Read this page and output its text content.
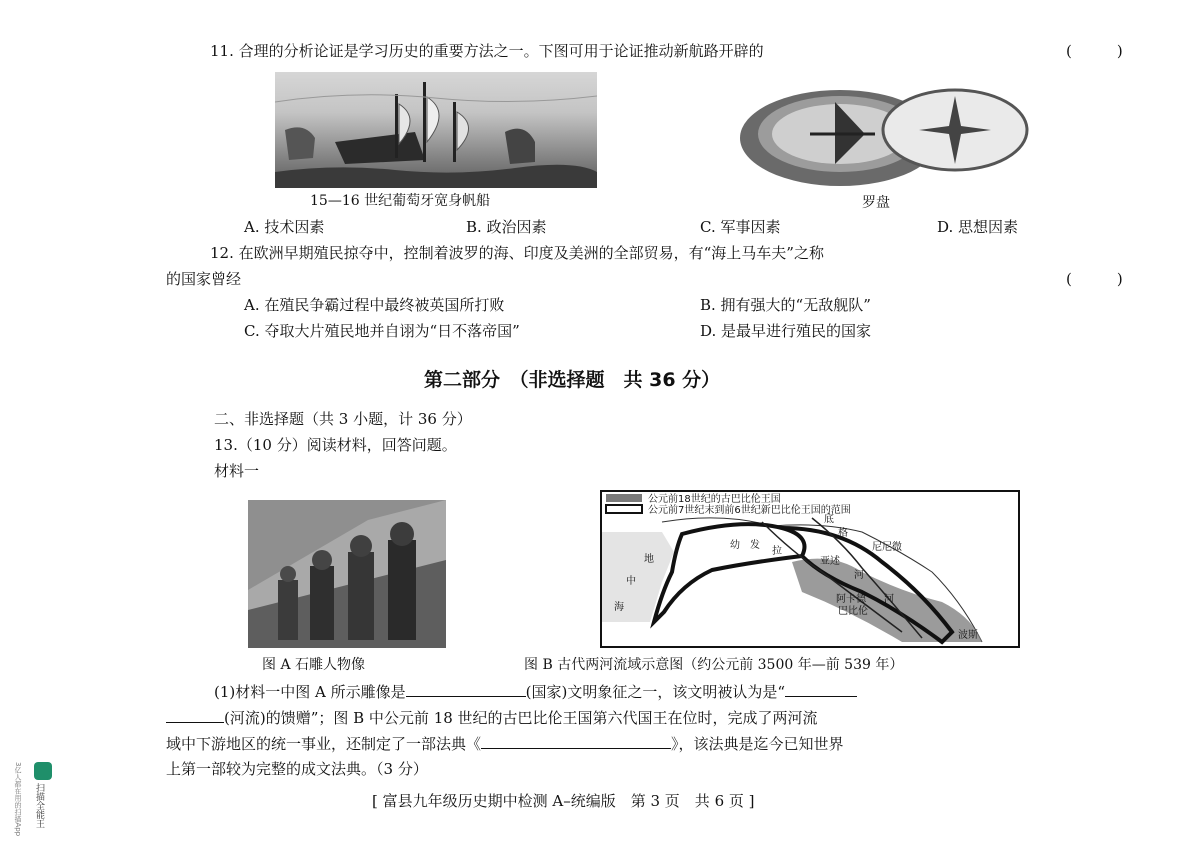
11. 合理的分析论证是学习历史的重要方法之一。下图可用于论证推动新航路开辟的	(　　　)
15—16 世纪葡萄牙宽身帆船	罗盘
A. 技术因素	B. 政治因素	C. 军事因素	D. 思想因素
12. 在欧洲早期殖民掠夺中，控制着波罗的海、印度及美洲的全部贸易，有“海上马车夫”之称
的国家曾经	(　　　)
A. 在殖民争霸过程中最终被英国所打败	B. 拥有强大的“无敌舰队”
C. 夺取大片殖民地并自诩为“日不落帝国”	D. 是最早进行殖民的国家
第二部分　（非选择题　共 36 分）
二、非选择题（共 3 小题，计 36 分）
13.（10 分）阅读材料，回答问题。
材料一
图 A 石雕人物像
公元前18世纪的古巴比伦王国
公元前7世纪末到前6世纪新巴比伦王国的范围
幼　发
拉
底
格
尼尼微
亚述
河
河
阿卡德
巴比伦
波斯
地
中
海
图 B 古代两河流域示意图（约公元前 3500 年—前 539 年）
(1)材料一中图 A 所示雕像是	(国家)文明象征之一，该文明被认为是“
(河流)的馈赠”；图 B 中公元前 18 世纪的古巴比伦王国第六代国王在位时，完成了两河流
域中下游地区的统一事业，还制定了一部法典《	》，该法典是迄今已知世界
上第一部较为完整的成文法典。（3 分）
[ 富县九年级历史期中检测 A–统编版　第 3 页　共 6 页 ]
扫描全能王
3亿人都在用的扫描App
